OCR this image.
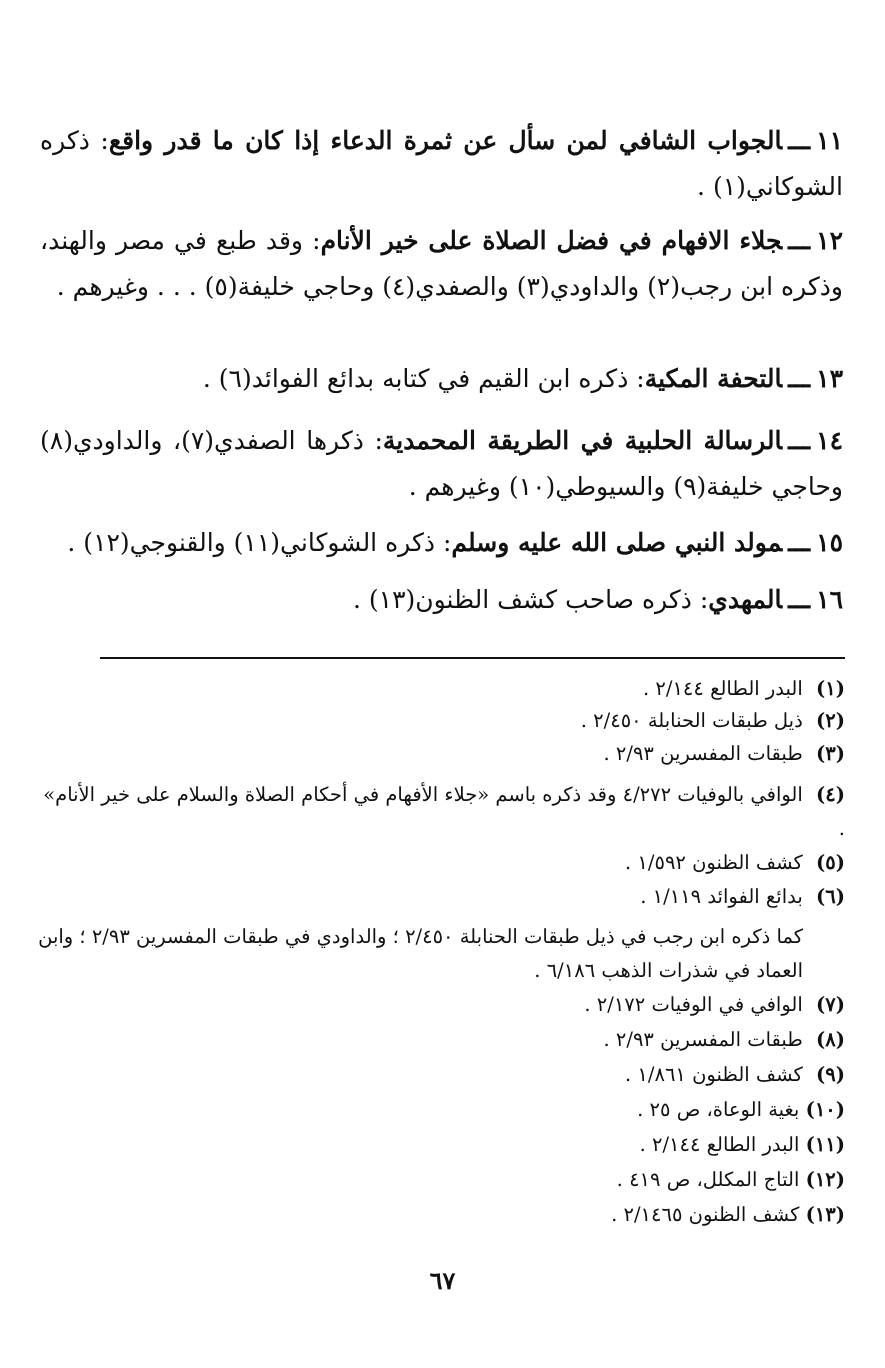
١١ـــالجواب الشافي لمن سأل عن ثمرة الدعاء إذا كان ما قدر واقع: ذكره الشوكاني(١) .
١٢ـــجلاء الافهام في فضل الصلاة على خير الأنام: وقد طبع في مصر والهند، وذكره ابن رجب(٢) والداودي(٣) والصفدي(٤) وحاجي خليفة(٥) . . . وغيرهم .
١٣ـــالتحفة المكية: ذكره ابن القيم في كتابه بدائع الفوائد(٦) .
١٤ـــالرسالة الحلبية في الطريقة المحمدية: ذكرها الصفدي(٧)، والداودي(٨) وحاجي خليفة(٩) والسيوطي(١٠) وغيرهم .
١٥ـــمولد النبي صلى الله عليه وسلم: ذكره الشوكاني(١١) والقنوجي(١٢) .
١٦ـــالمهدي: ذكره صاحب كشف الظنون(١٣) .
(١) البدر الطالع ٢/١٤٤ .
(٢) ذيل طبقات الحنابلة ٢/٤٥٠ .
(٣) طبقات المفسرين ٢/٩٣ .
(٤) الوافي بالوفيات ٤/٢٧٢ وقد ذكره باسم «جلاء الأفهام في أحكام الصلاة والسلام على خير الأنام» .
(٥) كشف الظنون ١/٥٩٢ .
(٦) بدائع الفوائد ١/١١٩ .
كما ذكره ابن رجب في ذيل طبقات الحنابلة ٢/٤٥٠ ؛ والداودي في طبقات المفسرين ٢/٩٣ ؛ وابن العماد في شذرات الذهب ٦/١٨٦ .
(٧) الوافي في الوفيات ٢/١٧٢ .
(٨) طبقات المفسرين ٢/٩٣ .
(٩) كشف الظنون ١/٨٦١ .
(١٠) بغية الوعاة، ص ٢٥ .
(١١) البدر الطالع ٢/١٤٤ .
(١٢) التاج المكلل، ص ٤١٩ .
(١٣) كشف الظنون ٢/١٤٦٥ .
٦٧
